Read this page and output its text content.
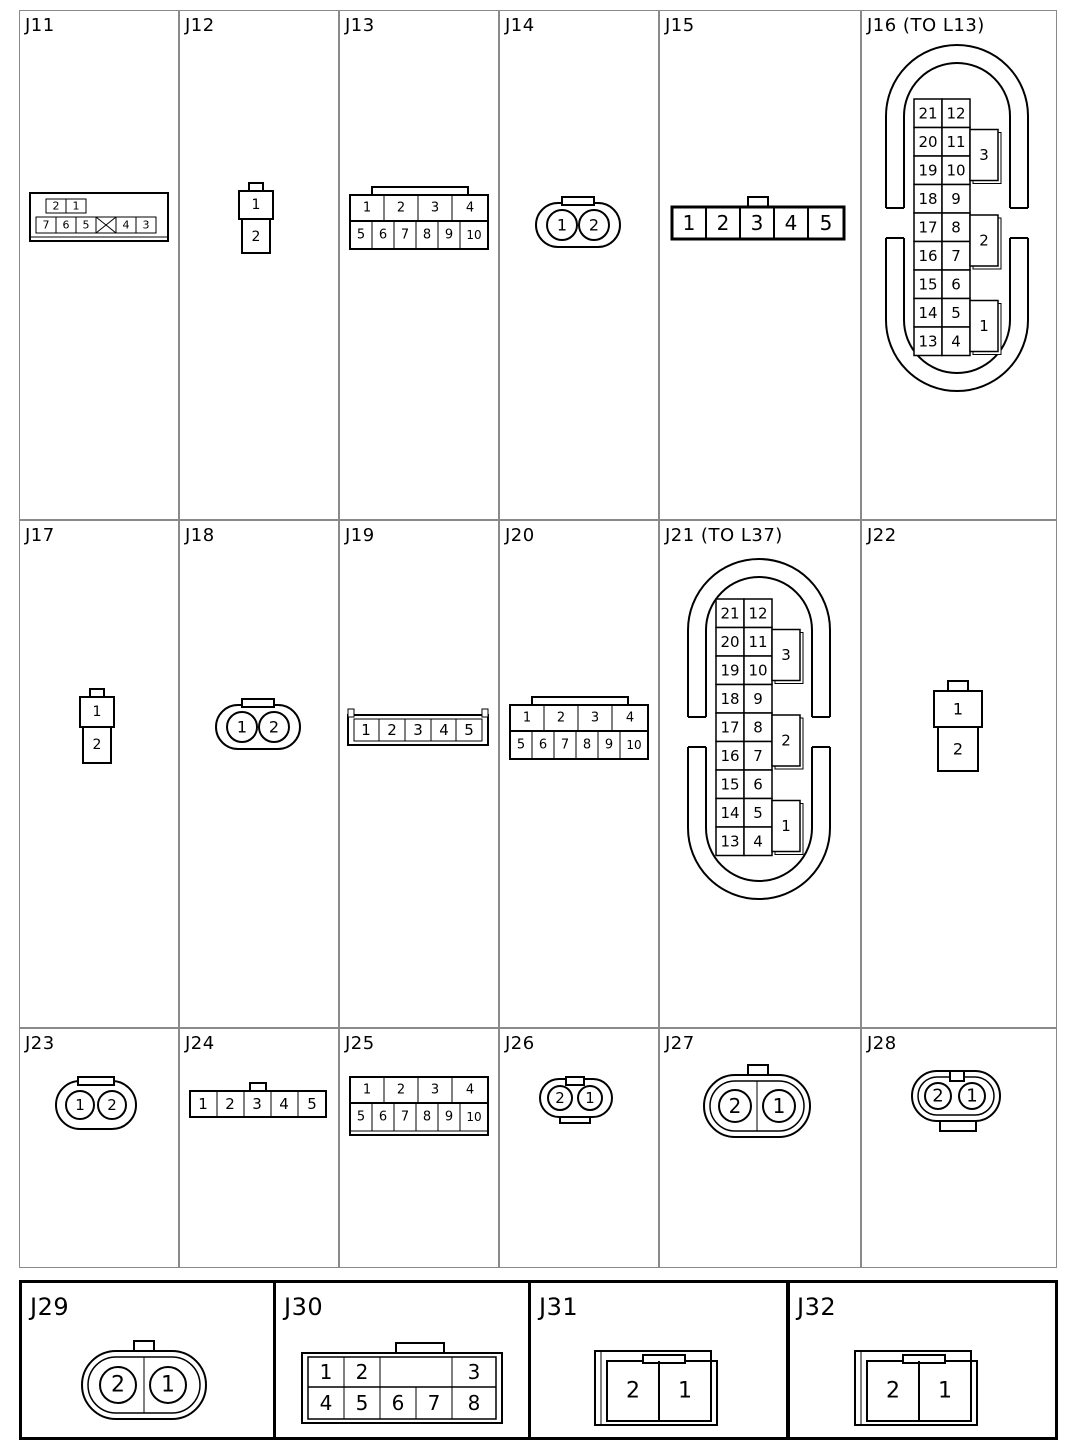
J11
2 1
7 6 5	4 3
J12
1
2
J13
1 2 3 4
5 6 7 8 9 10
J14
1 2
J15
1 2 3 4 5
J16 (TO L13)
21 12
20 11
19 10
18 9
17 8
16 7
15 6
14 5
13 4
3
2
1
J17
1
2
J18
1 2
J19
1 2 3 4 5
J20
1 2 3 4
5 6 7 8 9 10
J21 (TO L37)
21 12
20 11
19 10
18 9
17 8
16 7
15 6
14 5
13 4
3
2
1
J22
1
2
J23
1 2
J24
1 2 3 4 5
J25
1 2 3 4
5 6 7 8 9 10
J26
2 1
J27
2 1
J28
2 1
J29
2 1
J30
1 2	3
4 5 6 7 8
J31
2 1
J32
2 1
